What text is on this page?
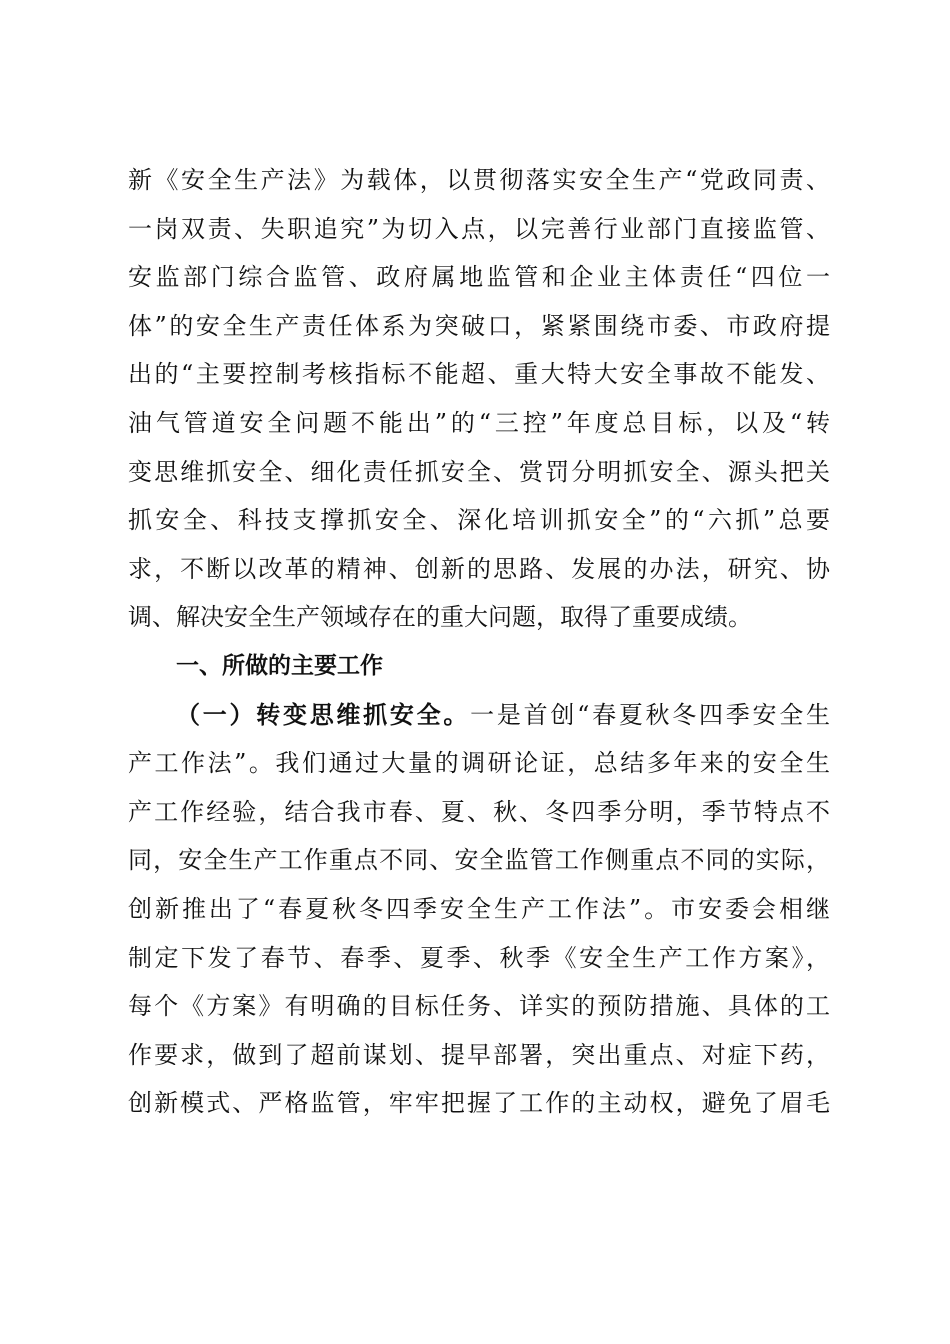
新《安全生产法》为载体，以贯彻落实安全生产“党政同责、
一岗双责、失职追究”为切入点，以完善行业部门直接监管、
安监部门综合监管、政府属地监管和企业主体责任“四位一
体”的安全生产责任体系为突破口，紧紧围绕市委、市政府提
出的“主要控制考核指标不能超、重大特大安全事故不能发、
油气管道安全问题不能出”的“三控”年度总目标，以及“转
变思维抓安全、细化责任抓安全、赏罚分明抓安全、源头把关
抓安全、科技支撑抓安全、深化培训抓安全”的“六抓”总要
求，不断以改革的精神、创新的思路、发展的办法，研究、协
调、解决安全生产领域存在的重大问题，取得了重要成绩。
一、所做的主要工作
（一）转变思维抓安全。一是首创“春夏秋冬四季安全生
产工作法”。我们通过大量的调研论证，总结多年来的安全生
产工作经验，结合我市春、夏、秋、冬四季分明，季节特点不
同，安全生产工作重点不同、安全监管工作侧重点不同的实际，
创新推出了“春夏秋冬四季安全生产工作法”。市安委会相继
制定下发了春节、春季、夏季、秋季《安全生产工作方案》，
每个《方案》有明确的目标任务、详实的预防措施、具体的工
作要求，做到了超前谋划、提早部署，突出重点、对症下药，
创新模式、严格监管，牢牢把握了工作的主动权，避免了眉毛
